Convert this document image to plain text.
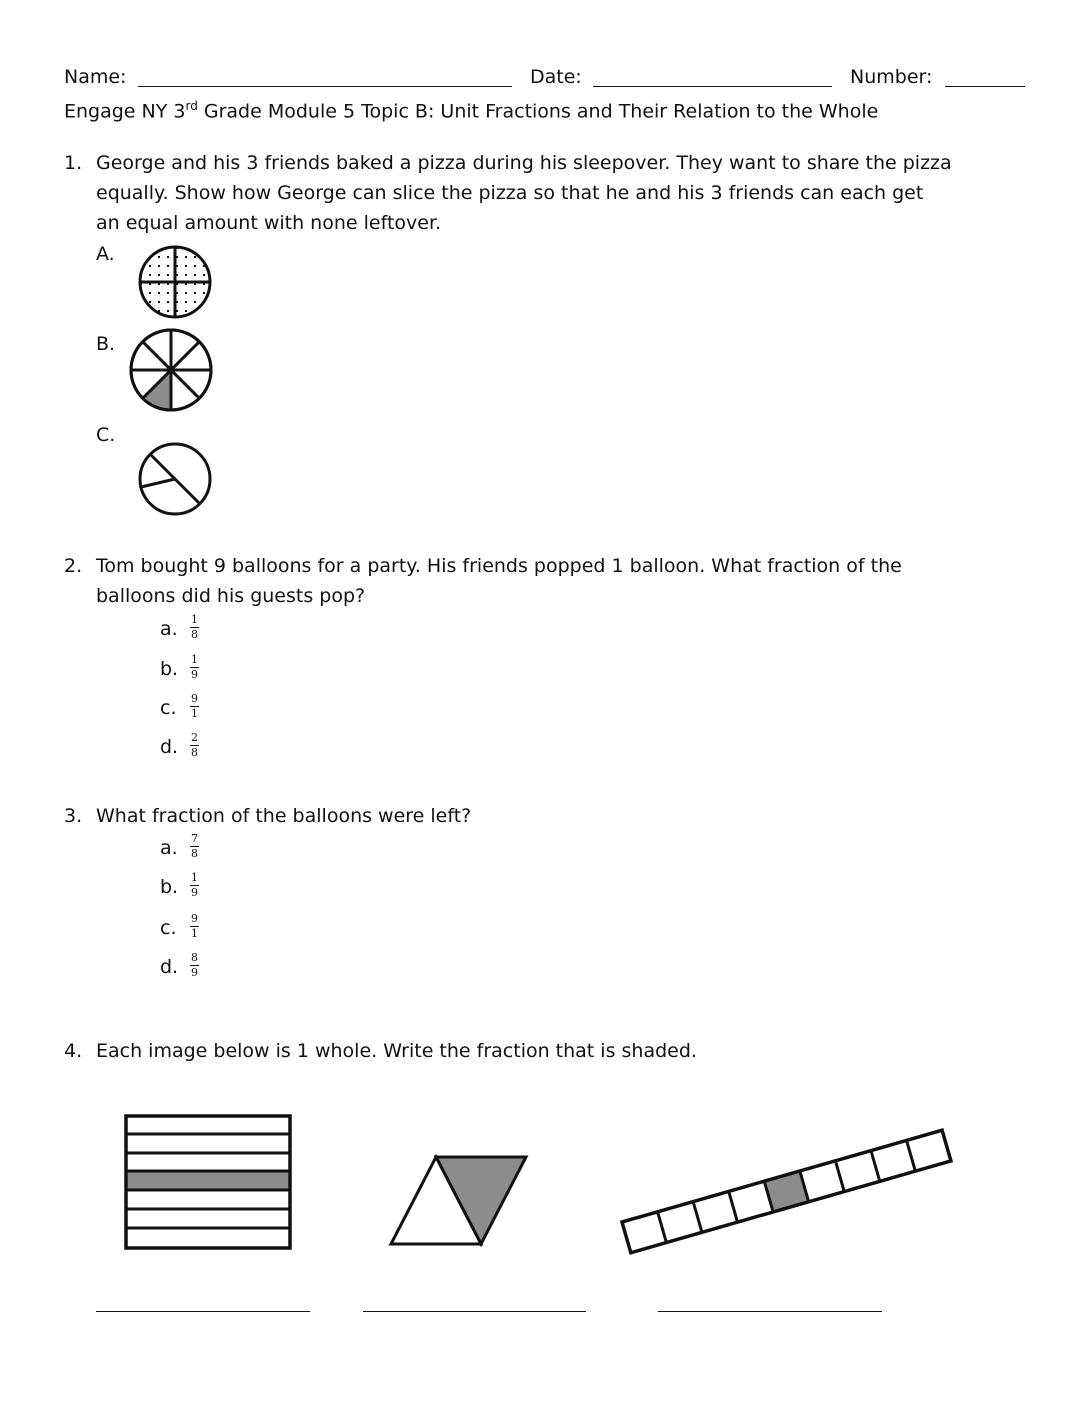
Name:	Date:	Number:
Engage NY 3rd Grade Module 5 Topic B: Unit Fractions and Their Relation to the Whole
1. George and his 3 friends baked a pizza during his sleepover. They want to share the pizza
equally. Show how George can slice the pizza so that he and his 3 friends can each get
an equal amount with none leftover.
A.
B.
C.
2. Tom bought 9 balloons for a party. His friends popped 1 balloon. What fraction of the
balloons did his guests pop?
a. 1
8
b. 1
9
c. 9
1
d. 2
8
3. What fraction of the balloons were left?
a. 7
8
b. 1
9
c. 9
1
d. 8
9
4. Each image below is 1 whole. Write the fraction that is shaded.
